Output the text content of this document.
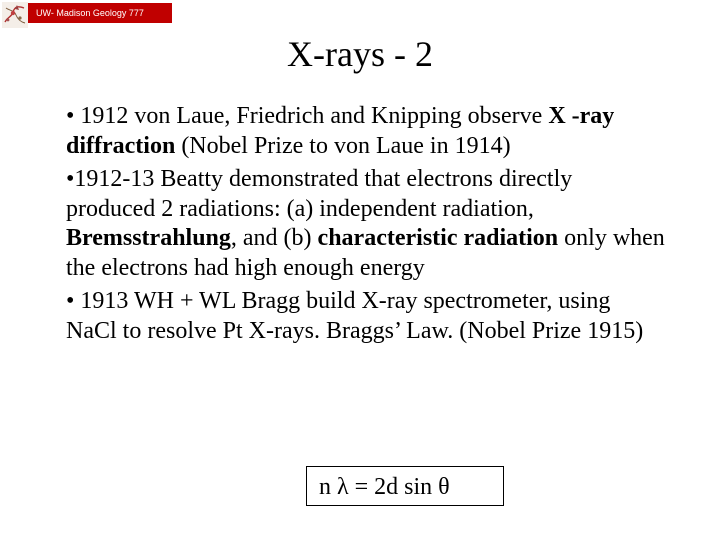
UW- Madison Geology 777
X-rays - 2

• 1912 von Laue, Friedrich and Knipping observe X -ray diffraction (Nobel Prize to von Laue in 1914)

•1912-13 Beatty demonstrated that electrons directly produced 2 radiations: (a) independent radiation, Bremsstrahlung, and (b) characteristic radiation only when the electrons had high enough energy

• 1913 WH + WL Bragg build X-ray spectrometer, using NaCl to resolve Pt X-rays. Braggs’ Law. (Nobel Prize 1915)

n λ = 2d sin θ
